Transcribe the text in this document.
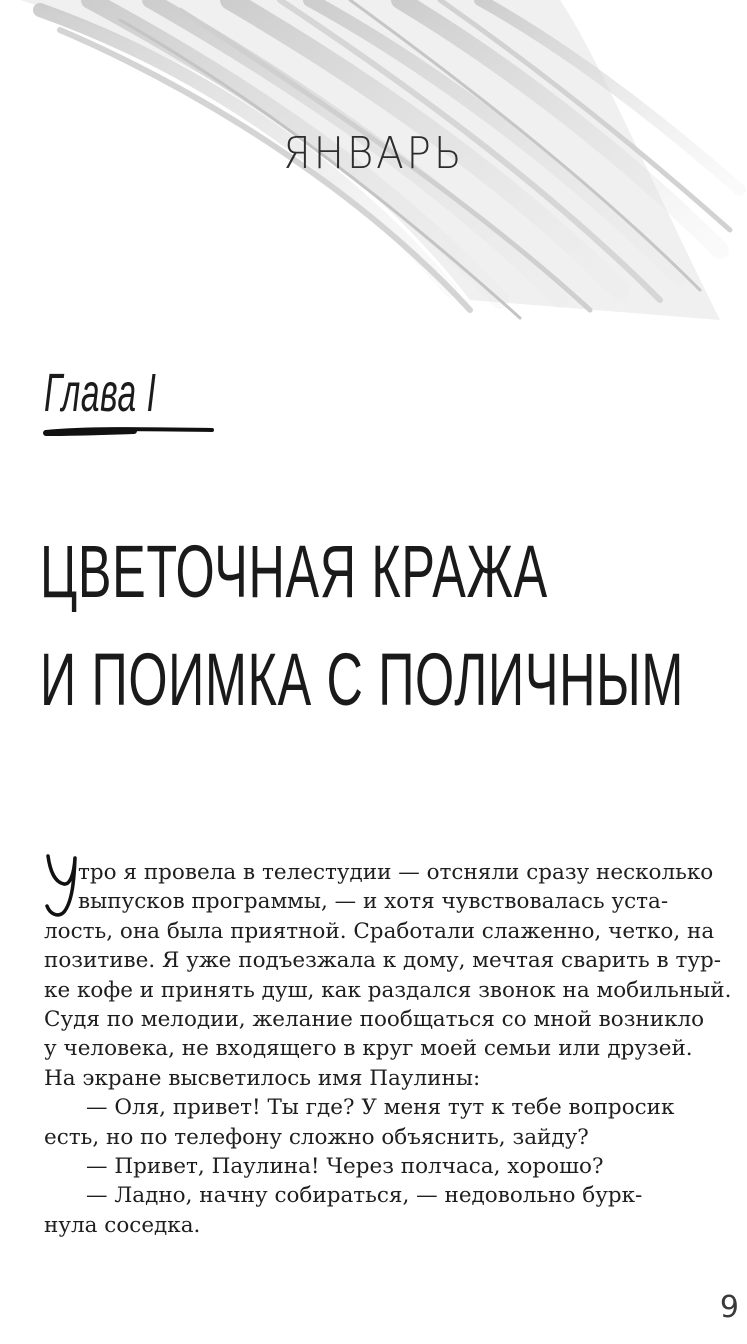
ЯНВАРЬ
Глава I
ЦВЕТОЧНАЯ КРАЖА
И ПОИМКА С ПОЛИЧНЫМ
У
тро я провела в телестудии — отсняли сразу несколько
выпусков программы, — и хотя чувствовалась уста-
лость, она была приятной. Сработали слаженно, четко, на
позитиве. Я уже подъезжала к дому, мечтая сварить в тур-
ке кофе и принять душ, как раздался звонок на мобильный.
Судя по мелодии, желание пообщаться со мной возникло
у человека, не входящего в круг моей семьи или друзей.
На экране высветилось имя Паулины:
— Оля, привет! Ты где? У меня тут к тебе вопросик
есть, но по телефону сложно объяснить, зайду?
— Привет, Паулина! Через полчаса, хорошо?
— Ладно, начну собираться, — недовольно бурк-
нула соседка.
9
